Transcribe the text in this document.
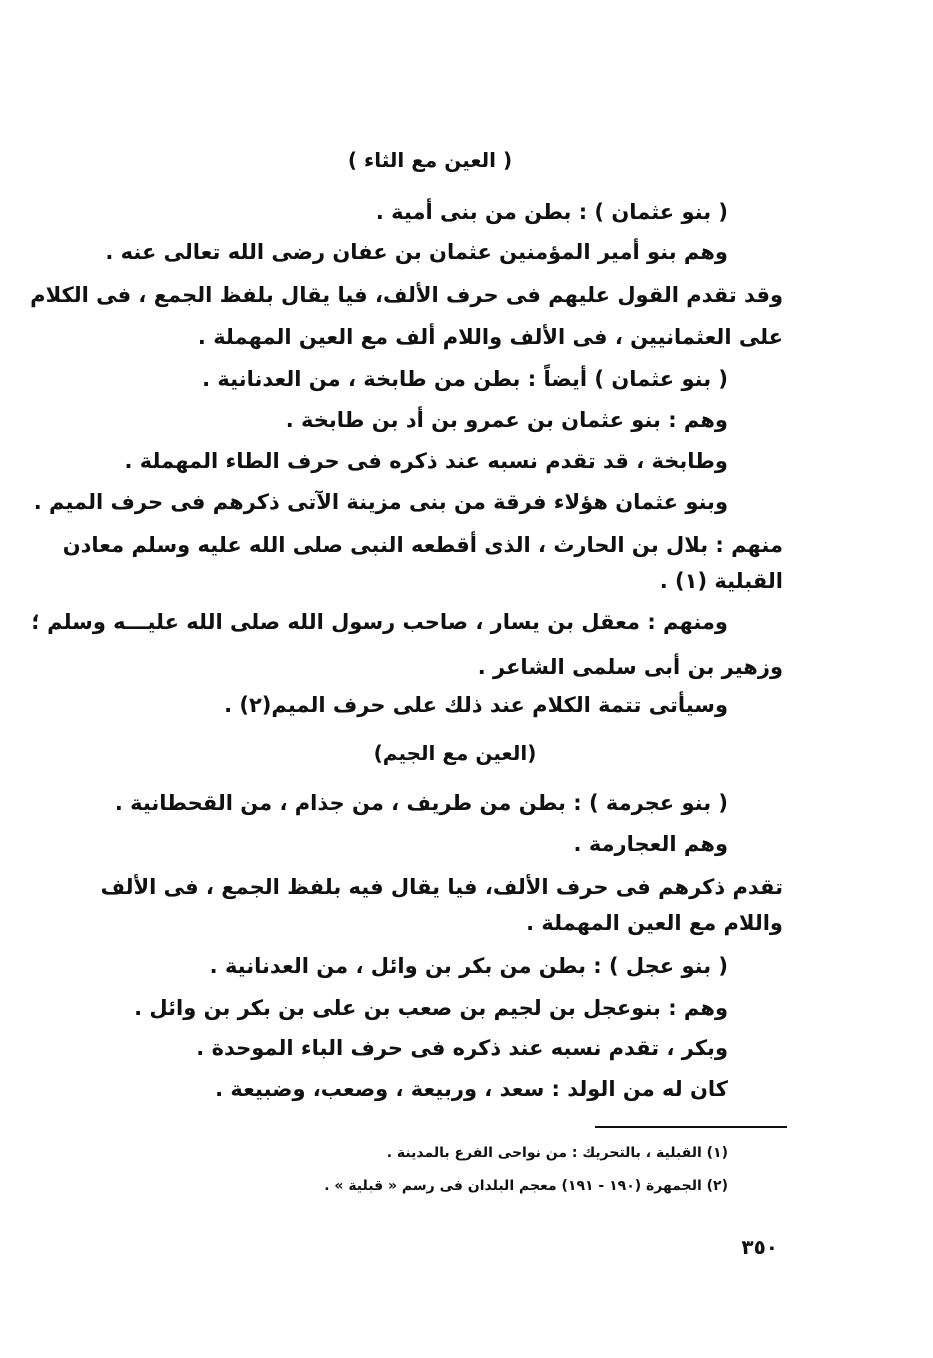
( العين مع الثاء )
( بنو عثمان ) : بطن من بنى أمية .
وهم بنو أمير المؤمنين عثمان بن عفان رضى الله تعالى عنه .
وقد تقدم القول عليهم فى حرف الألف، فيا يقال بلفظ الجمع ، فى الكلام
على العثمانيين ، فى الألف واللام ألف مع العين المهملة .
( بنو عثمان ) أيضاً : بطن من طابخة ، من العدنانية .
وهم : بنو عثمان بن عمرو بن أد بن طابخة .
وطابخة ، قد تقدم نسبه عند ذكره فى حرف الطاء المهملة .
وبنو عثمان هؤلاء فرقة من بنى مزينة الآتى ذكرهم فى حرف الميم .
منهم : بلال بن الحارث ، الذى أقطعه النبى صلى الله عليه وسلم معادن
القبلية (١) .
ومنهم : معقل بن يسار ، صاحب رسول الله صلى الله عليـــه وسلم ؛
وزهير بن أبى سلمى الشاعر .
وسيأتى تتمة الكلام عند ذلك على حرف الميم(٢) .
(العين مع الجيم)
( بنو عجرمة ) : بطن من طريف ، من جذام ، من القحطانية .
وهم العجارمة .
تقدم ذكرهم فى حرف الألف، فيا يقال فيه بلفظ الجمع ، فى الألف
واللام مع العين المهملة .
( بنو عجل ) : بطن من بكر بن وائل ، من العدنانية .
وهم : بنوعجل بن لجيم بن صعب بن على بن بكر بن وائل .
وبكر ، تقدم نسبه عند ذكره فى حرف الباء الموحدة .
كان له من الولد : سعد ، وربيعة ، وصعب، وضبيعة .
(١) القبلية ، بالتحريك : من نواحى الفرع بالمدينة .
(٢) الجمهرة (١٩٠ - ١٩١) معجم البلدان فى رسم « قبلية » .
٣٥٠
